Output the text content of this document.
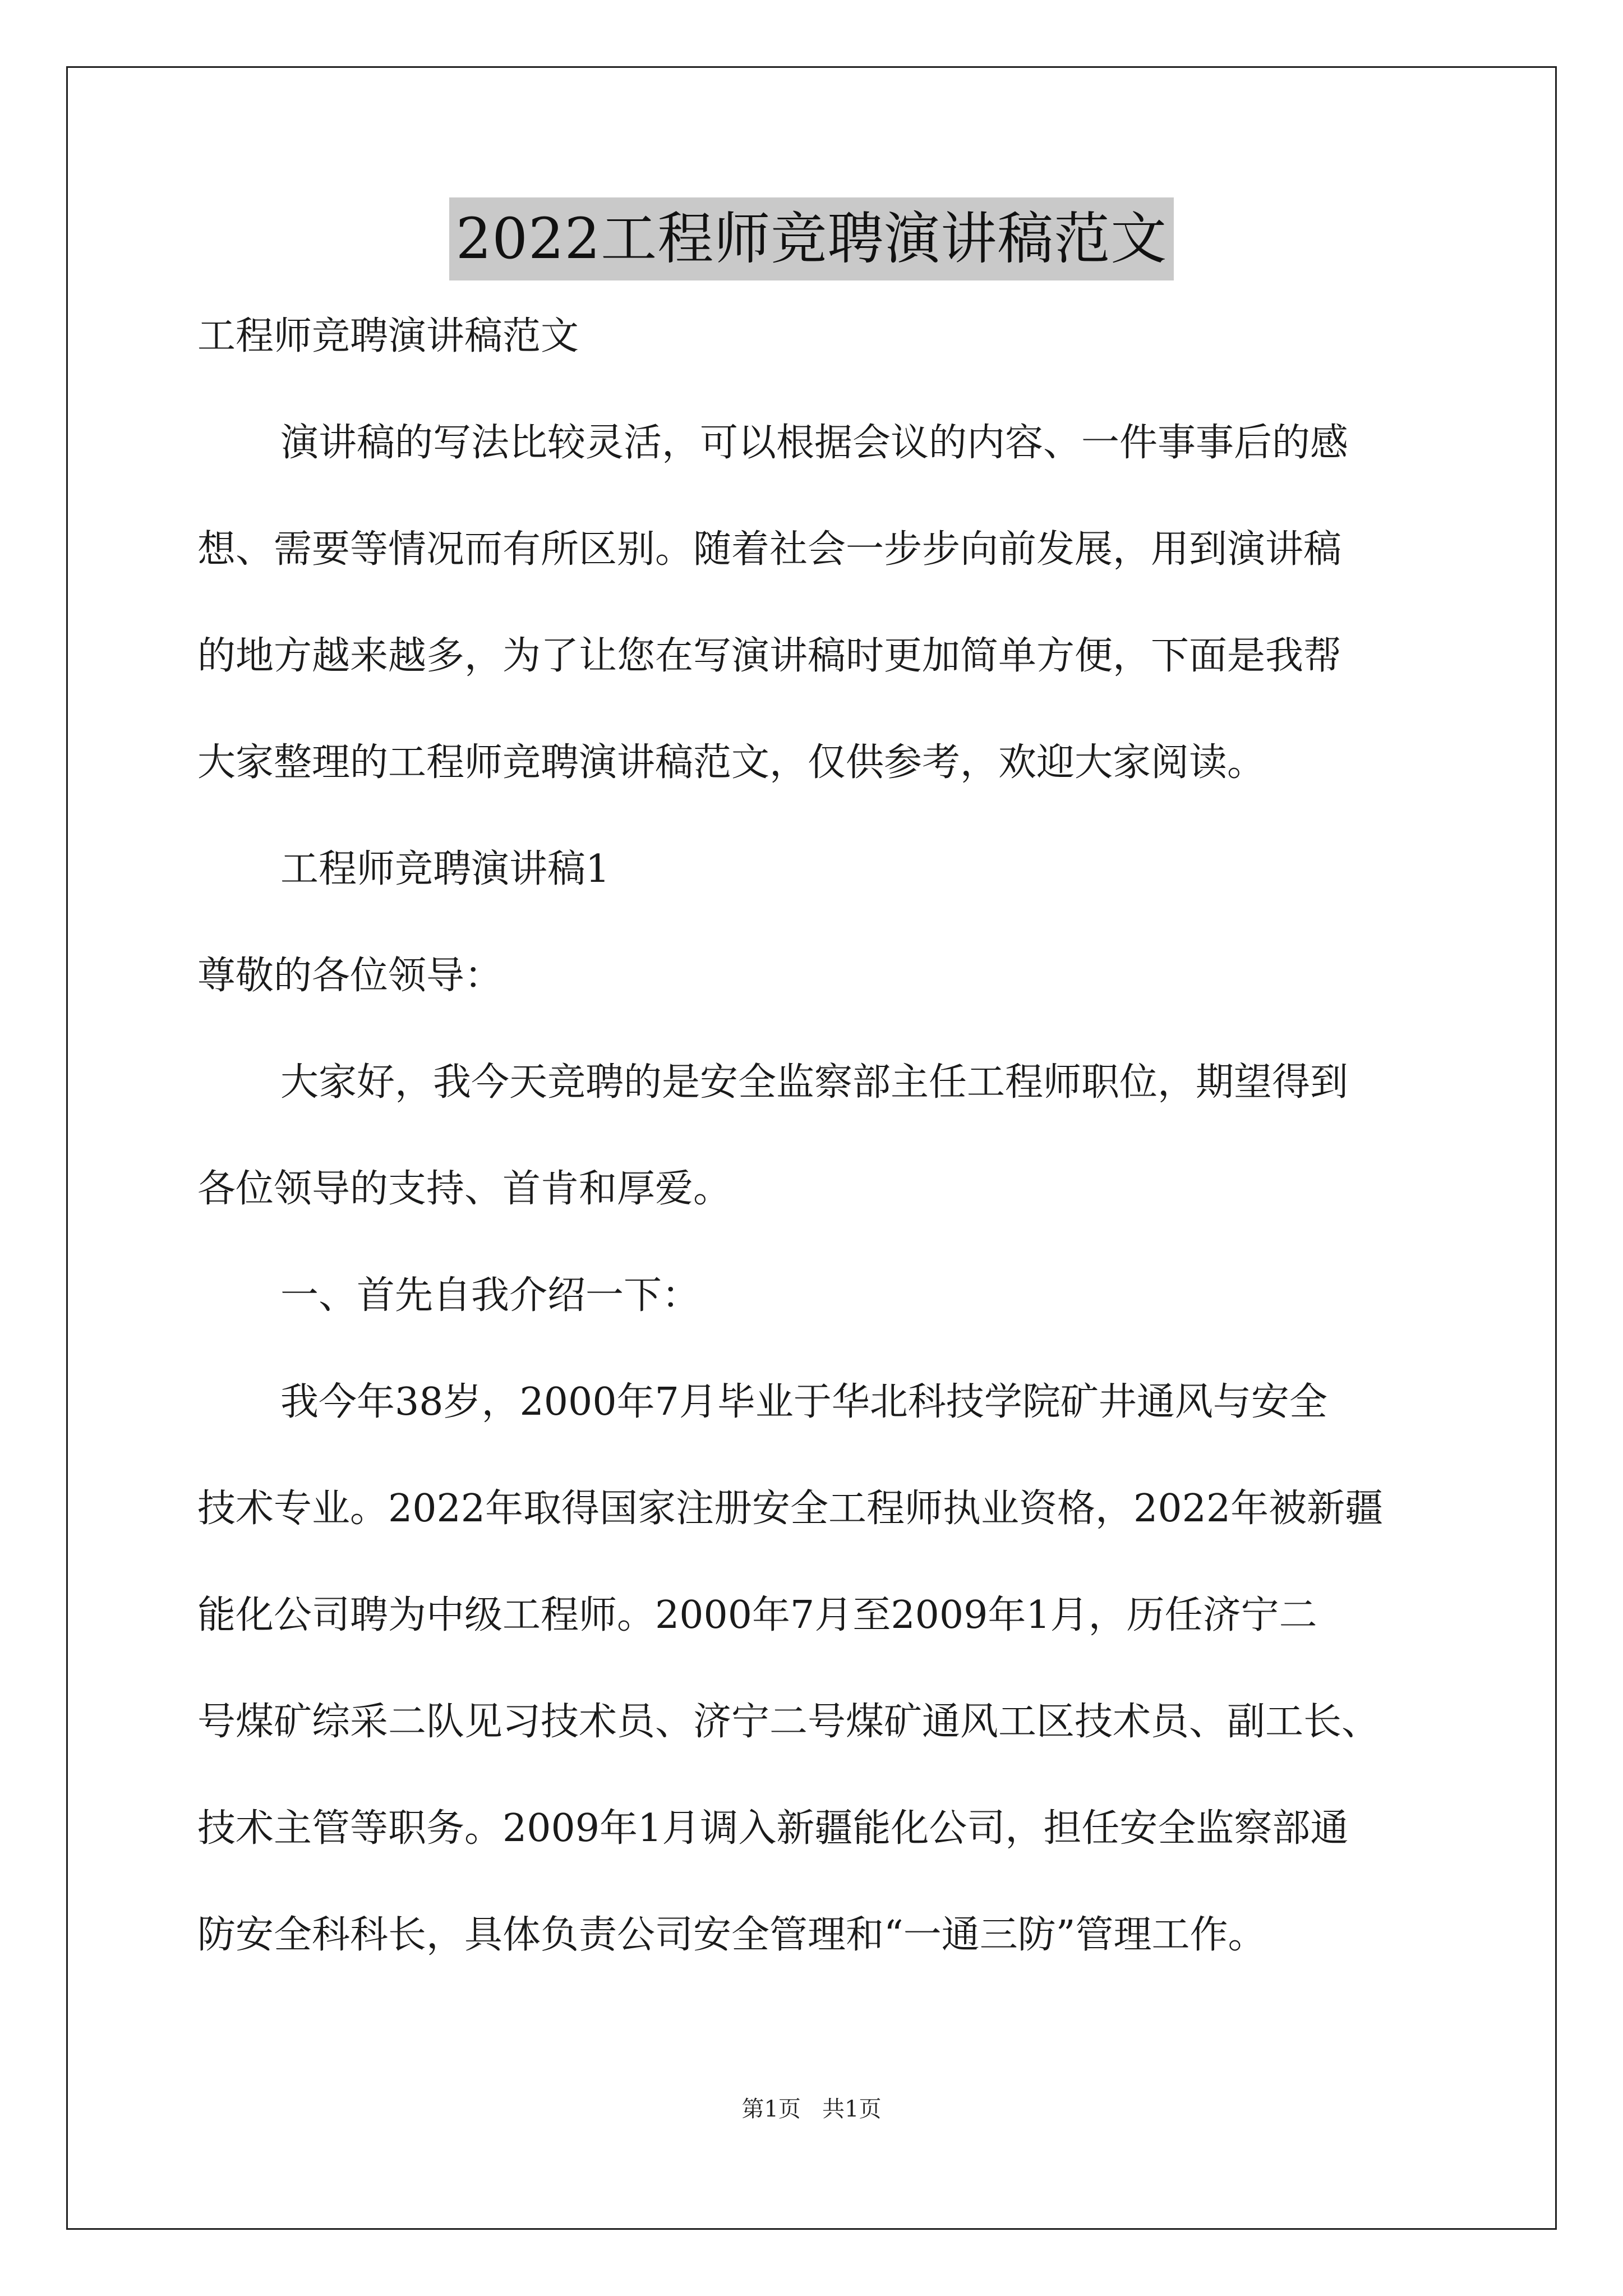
2022工程师竞聘演讲稿范文

工程师竞聘演讲稿范文

演讲稿的写法比较灵活，可以根据会议的内容、一件事事后的感

想、需要等情况而有所区别。随着社会一步步向前发展，用到演讲稿

的地方越来越多，为了让您在写演讲稿时更加简单方便，下面是我帮

大家整理的工程师竞聘演讲稿范文，仅供参考，欢迎大家阅读。

工程师竞聘演讲稿1

尊敬的各位领导：

大家好，我今天竞聘的是安全监察部主任工程师职位，期望得到

各位领导的支持、首肯和厚爱。

一、首先自我介绍一下：

我今年38岁，2000年7月毕业于华北科技学院矿井通风与安全

技术专业。2022年取得国家注册安全工程师执业资格，2022年被新疆

能化公司聘为中级工程师。2000年7月至2009年1月，历任济宁二

号煤矿综采二队见习技术员、济宁二号煤矿通风工区技术员、副工长、

技术主管等职务。2009年1月调入新疆能化公司，担任安全监察部通

防安全科科长，具体负责公司安全管理和“一通三防”管理工作。

第1页   共1页
